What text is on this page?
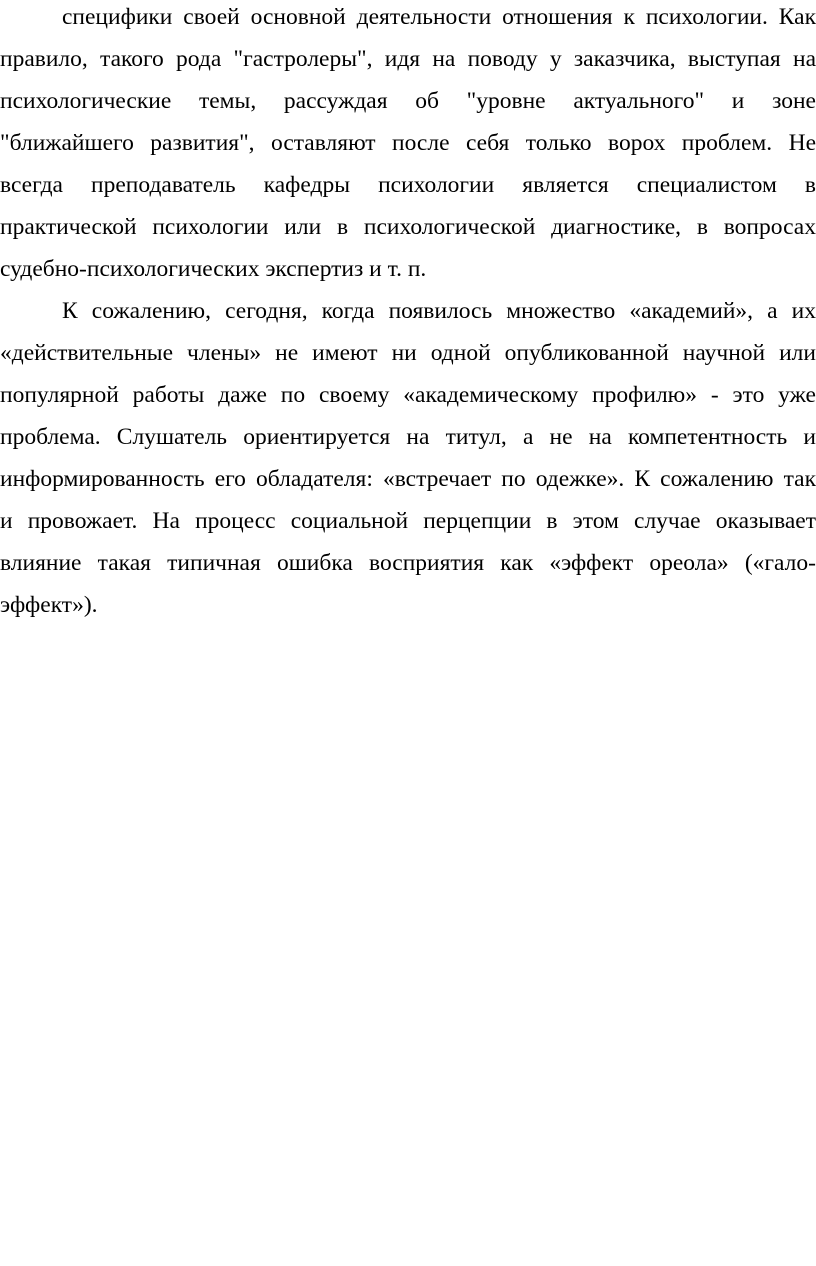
специфики своей основной деятельности отношения к психологии. Как
правило, такого рода "гастролеры", идя на поводу у заказчика, выступая на
психологические темы, рассуждая об "уровне актуального" и зоне
"ближайшего развития", оставляют после себя только ворох проблем. Не
всегда преподаватель кафедры психологии является специалистом в
практической психологии или в психологической диагностике, в вопросах
судебно-психологических экспертиз и т. п.
К сожалению, сегодня, когда появилось множество «академий», а их
«действительные члены» не имеют ни одной опубликованной научной или
популярной работы даже по своему «академическому профилю» - это уже
проблема. Слушатель ориентируется на титул, а не на компетентность и
информированность его обладателя: «встречает по одежке». К сожалению так
и провожает. На процесс социальной перцепции в этом случае оказывает
влияние такая типичная ошибка восприятия как «эффект ореола» («гало-
эффект»).
